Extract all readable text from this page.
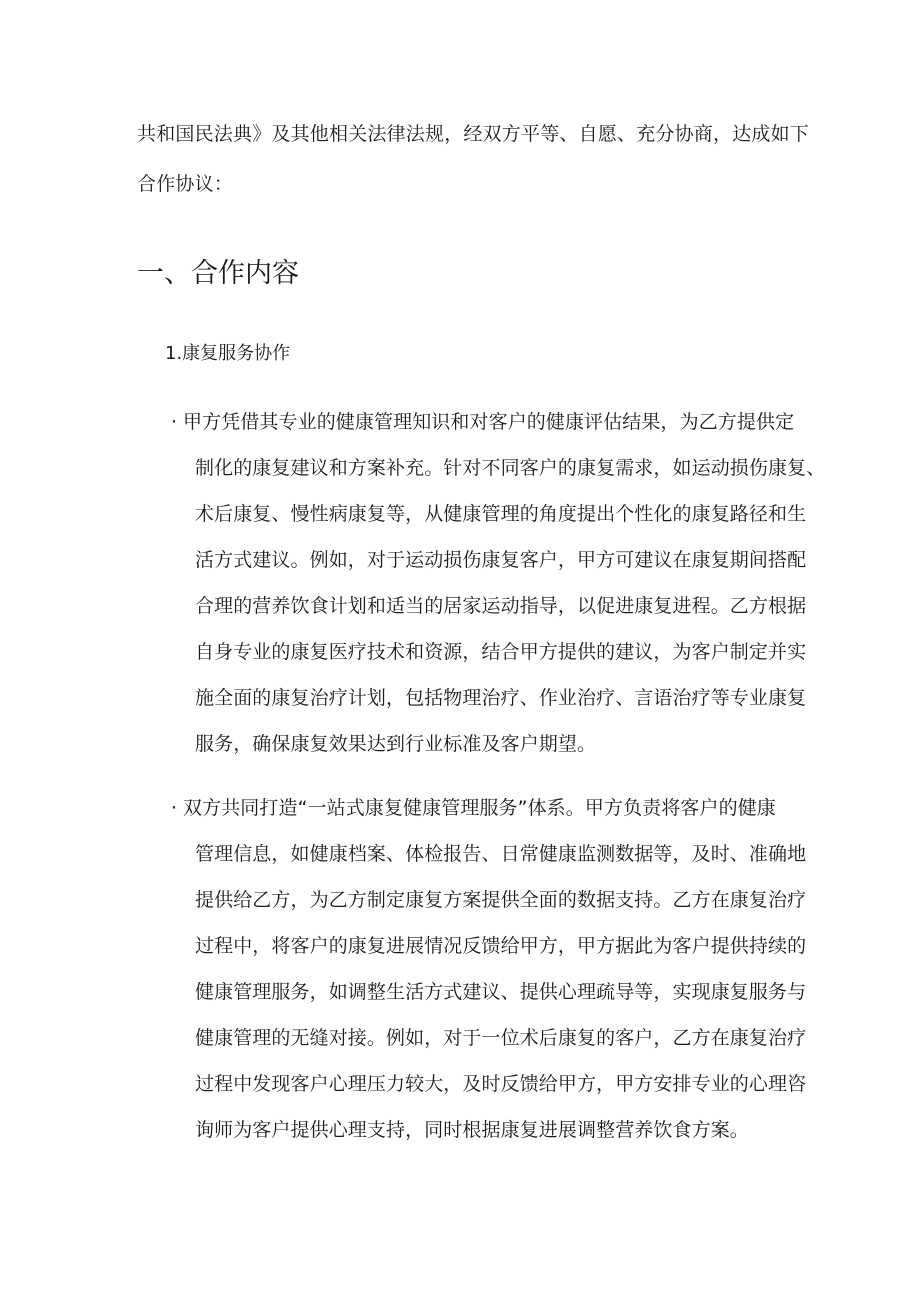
共和国民法典》及其他相关法律法规，经双方平等、自愿、充分协商，达成如下
合作协议：
一、合作内容
1.康复服务协作
· 甲方凭借其专业的健康管理知识和对客户的健康评估结果，为乙方提供定
制化的康复建议和方案补充。针对不同客户的康复需求，如运动损伤康复、
术后康复、慢性病康复等，从健康管理的角度提出个性化的康复路径和生
活方式建议。例如，对于运动损伤康复客户，甲方可建议在康复期间搭配
合理的营养饮食计划和适当的居家运动指导，以促进康复进程。乙方根据
自身专业的康复医疗技术和资源，结合甲方提供的建议，为客户制定并实
施全面的康复治疗计划，包括物理治疗、作业治疗、言语治疗等专业康复
服务，确保康复效果达到行业标准及客户期望。
· 双方共同打造“一站式康复健康管理服务”体系。甲方负责将客户的健康
管理信息，如健康档案、体检报告、日常健康监测数据等，及时、准确地
提供给乙方，为乙方制定康复方案提供全面的数据支持。乙方在康复治疗
过程中，将客户的康复进展情况反馈给甲方，甲方据此为客户提供持续的
健康管理服务，如调整生活方式建议、提供心理疏导等，实现康复服务与
健康管理的无缝对接。例如，对于一位术后康复的客户，乙方在康复治疗
过程中发现客户心理压力较大，及时反馈给甲方，甲方安排专业的心理咨
询师为客户提供心理支持，同时根据康复进展调整营养饮食方案。
